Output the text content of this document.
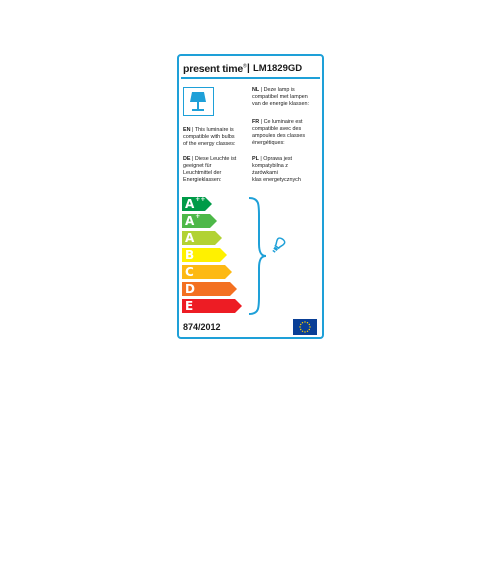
present time® | LM1829GD
NL | Deze lamp is
compatibel met lampen
van de energie klassen:
FR | Ce luminaire est
compatible avec des
ampoules des classes
énergétiques:
EN | This luminaire is
compatible with bulbs
of the energy classes:
DE | Diese Leuchte ist
geeignet für
Leuchtmittel der
Energieklassen:
PL | Oprawa jest
kompatybilna z
żarówkami
klas energetycznych
A++
A+
A
B
C
D
E
874/2012
